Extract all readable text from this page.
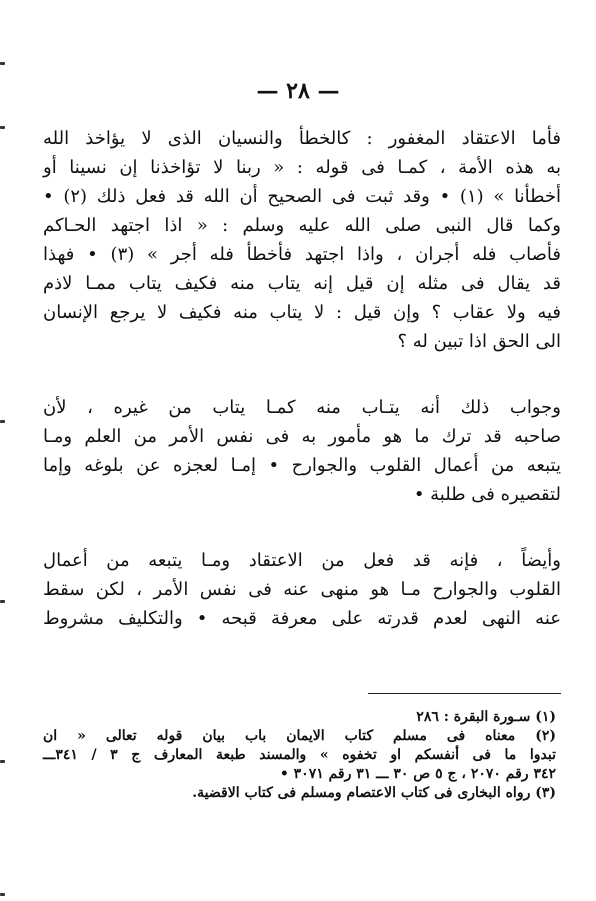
— ٢٨ —
فأما الاعتقاد المغفور : كالخطأ والنسيان الذى لا يؤاخذ الله
به هذه الأمة ، كمـا فى قوله : « ربنا لا تؤاخذنا إن نسينا أو
أخطأنا » (١) • وقد ثبت فى الصحيح أن الله قد فعل ذلك (٢) •
وكما قال النبى صلى الله عليه وسلم : « اذا اجتهد الحـاكم
فأصاب فله أجران ، واذا اجتهد فأخطأ فله أجر » (٣) • فهذا
قد يقال فى مثله إن قيل إنه يتاب منه فكيف يتاب ممـا لاذم
فيه ولا عقاب ؟ وإن قيل : لا يتاب منه فكيف لا يرجع الإنسان
الى الحق اذا تبين له ؟
وجواب ذلك أنه يتـاب منه كمـا يتاب من غيره ، لأن
صاحبه قد ترك ما هو مأمور به فى نفس الأمر من العلم ومـا
يتبعه من أعمال القلوب والجوارح • إمـا لعجزه عن بلوغه وإما
لتقصيره فى طلبة •
وأيضاً ، فإنه قد فعل من الاعتقاد ومـا يتبعه من أعمال
القلوب والجوارح مـا هو منهى عنه فى نفس الأمر ، لكن سقط
عنه النهى لعدم قدرته على معرفة قبحه • والتكليف مشروط
(١) سـورة البقرة : ٢٨٦
(٢) معناه فى مسلم كتاب الايمان باب بيان قوله تعالى « ان
تبدوا ما فى أنفسكم او تخفوه » والمسند طبعة المعارف ج ٣ / ٣٤١ـــ
٣٤٢ رقم ٢٠٧٠ ، ج ٥ ص ٣٠ ـــ ٣١ رقم ٣٠٧١ •
(٣) رواه البخارى فى كتاب الاعتصام ومسلم فى كتاب الاقضية.
